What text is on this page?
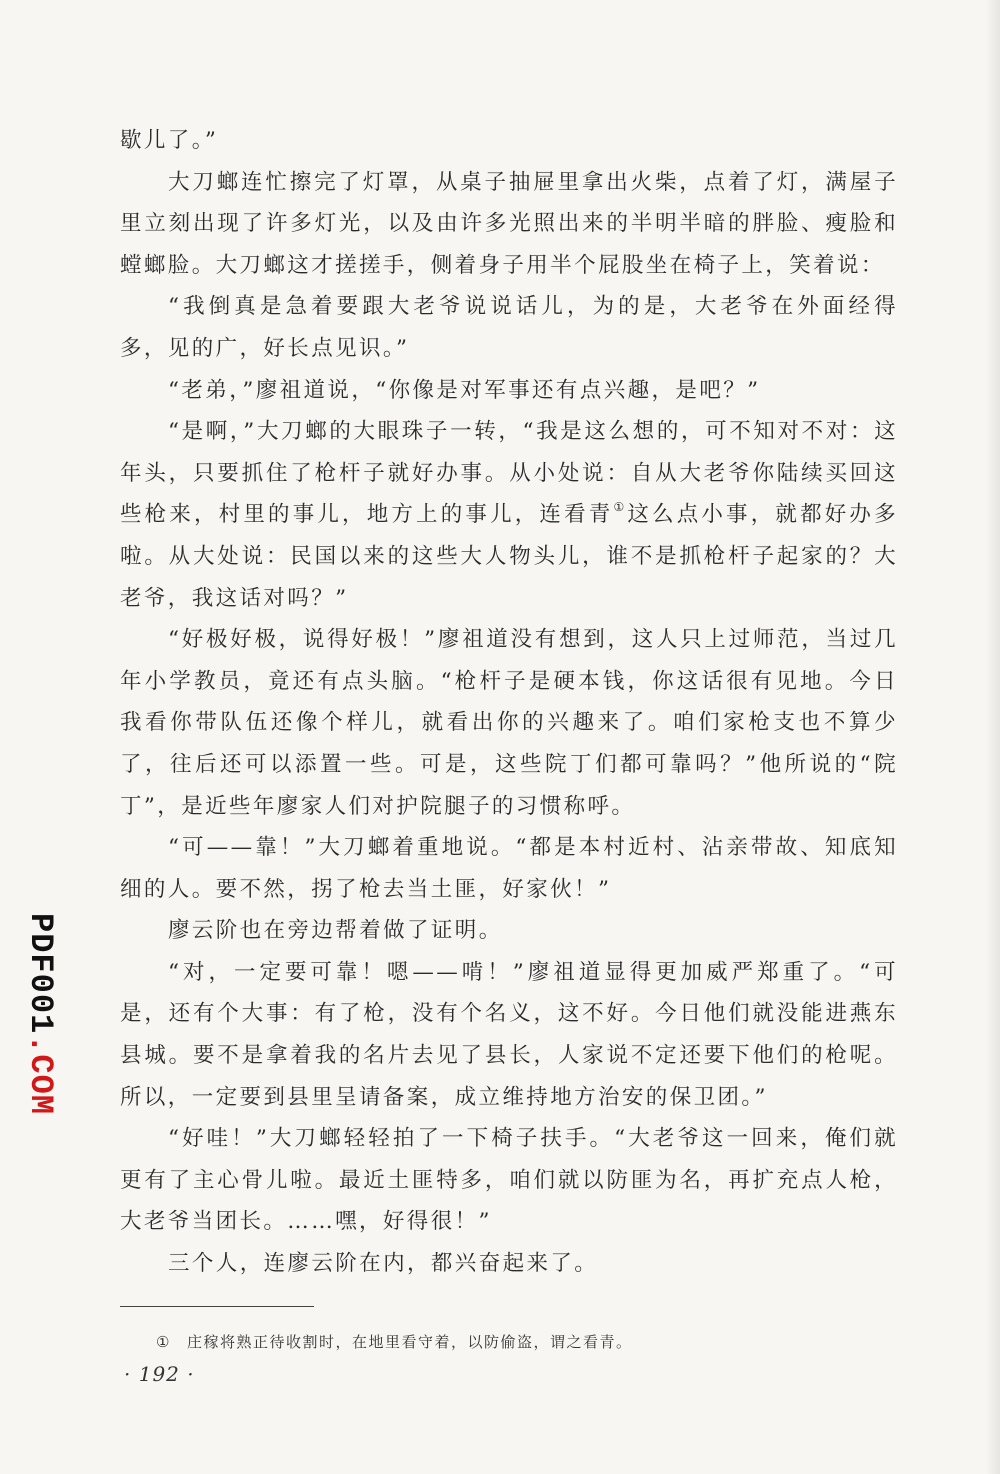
PDF001.COM

歇儿了。”

大刀螂连忙擦完了灯罩，从桌子抽屉里拿出火柴，点着了灯，满屋子里立刻出现了许多灯光，以及由许多光照出来的半明半暗的胖脸、瘦脸和螳螂脸。大刀螂这才搓搓手，侧着身子用半个屁股坐在椅子上，笑着说：

“我倒真是急着要跟大老爷说说话儿，为的是，大老爷在外面经得多，见的广，好长点见识。”

“老弟，”廖祖道说，“你像是对军事还有点兴趣，是吧？”

“是啊，”大刀螂的大眼珠子一转，“我是这么想的，可不知对不对：这年头，只要抓住了枪杆子就好办事。从小处说：自从大老爷你陆续买回这些枪来，村里的事儿，地方上的事儿，连看青①这么点小事，就都好办多啦。从大处说：民国以来的这些大人物头儿，谁不是抓枪杆子起家的？大老爷，我这话对吗？”

“好极好极，说得好极！”廖祖道没有想到，这人只上过师范，当过几年小学教员，竟还有点头脑。“枪杆子是硬本钱，你这话很有见地。今日我看你带队伍还像个样儿，就看出你的兴趣来了。咱们家枪支也不算少了，往后还可以添置一些。可是，这些院丁们都可靠吗？”他所说的“院丁”，是近些年廖家人们对护院腿子的习惯称呼。

“可——靠！”大刀螂着重地说。“都是本村近村、沾亲带故、知底知细的人。要不然，拐了枪去当土匪，好家伙！”

廖云阶也在旁边帮着做了证明。

“对，一定要可靠！嗯——啃！”廖祖道显得更加威严郑重了。“可是，还有个大事：有了枪，没有个名义，这不好。今日他们就没能进燕东县城。要不是拿着我的名片去见了县长，人家说不定还要下他们的枪呢。所以，一定要到县里呈请备案，成立维持地方治安的保卫团。”

“好哇！”大刀螂轻轻拍了一下椅子扶手。“大老爷这一回来，俺们就更有了主心骨儿啦。最近土匪特多，咱们就以防匪为名，再扩充点人枪，大老爷当团长。……嘿，好得很！”

三个人，连廖云阶在内，都兴奋起来了。

① 庄稼将熟正待收割时，在地里看守着，以防偷盗，谓之看青。
· 192 ·
